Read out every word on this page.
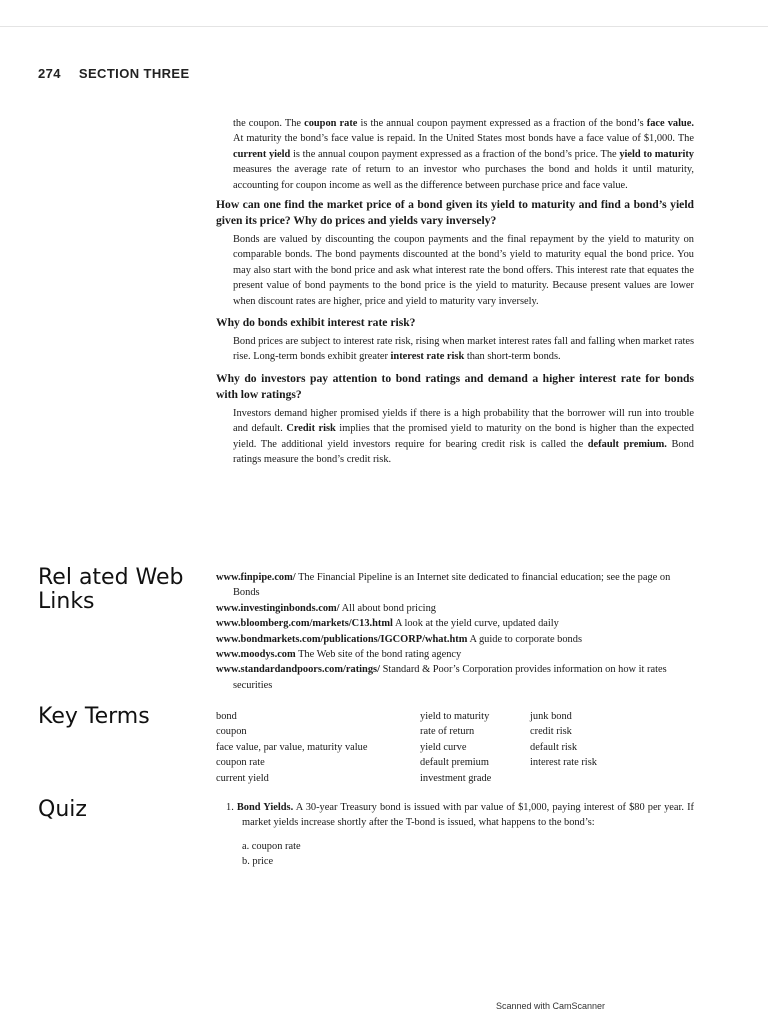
274 SECTION THREE
the coupon. The coupon rate is the annual coupon payment expressed as a fraction of the bond’s face value. At maturity the bond’s face value is repaid. In the United States most bonds have a face value of $1,000. The current yield is the annual coupon payment expressed as a fraction of the bond’s price. The yield to maturity measures the average rate of return to an investor who purchases the bond and holds it until maturity, accounting for coupon income as well as the difference between purchase price and face value.
How can one find the market price of a bond given its yield to maturity and find a bond’s yield given its price? Why do prices and yields vary inversely?
Bonds are valued by discounting the coupon payments and the final repayment by the yield to maturity on comparable bonds. The bond payments discounted at the bond’s yield to maturity equal the bond price. You may also start with the bond price and ask what interest rate the bond offers. This interest rate that equates the present value of bond payments to the bond price is the yield to maturity. Because present values are lower when discount rates are higher, price and yield to maturity vary inversely.
Why do bonds exhibit interest rate risk?
Bond prices are subject to interest rate risk, rising when market interest rates fall and falling when market rates rise. Long-term bonds exhibit greater interest rate risk than short-term bonds.
Why do investors pay attention to bond ratings and demand a higher interest rate for bonds with low ratings?
Investors demand higher promised yields if there is a high probability that the borrower will run into trouble and default. Credit risk implies that the promised yield to maturity on the bond is higher than the expected yield. The additional yield investors require for bearing credit risk is called the default premium. Bond ratings measure the bond’s credit risk.
Rel ated Web
Links
www.finpipe.com/ The Financial Pipeline is an Internet site dedicated to financial education; see the page on Bonds
www.investinginbonds.com/ All about bond pricing
www.bloomberg.com/markets/C13.html A look at the yield curve, updated daily
www.bondmarkets.com/publications/IGCORP/what.htm A guide to corporate bonds
www.moodys.com The Web site of the bond rating agency
www.standardandpoors.com/ratings/ Standard & Poor’s Corporation provides information on how it rates securities
Key Terms	bond
coupon
face value, par value, maturity value
coupon rate
current yield
yield to maturity
rate of return
yield curve
default premium
investment grade
junk bond
credit risk
default risk
interest rate risk
Quiz	1. Bond Yields. A 30-year Treasury bond is issued with par value of $1,000, paying interest of $80 per year. If market yields increase shortly after the T-bond is issued, what happens to the bond’s:
a. coupon rate
b. price
Scanned with CamScanner
